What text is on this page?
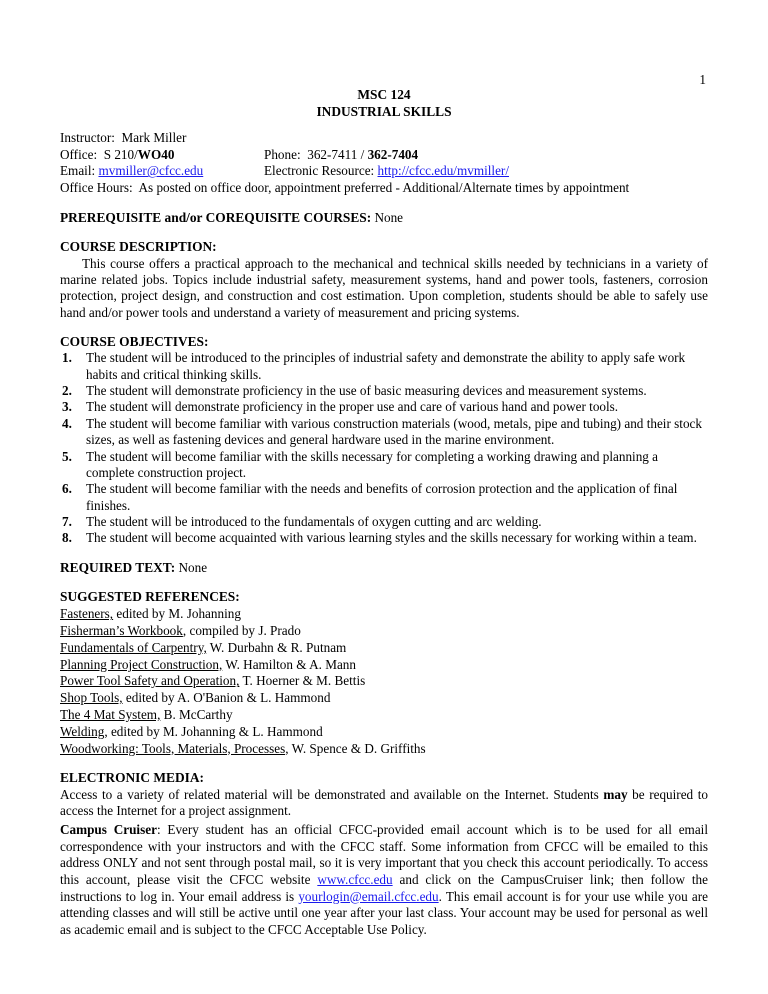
1
MSC 124
INDUSTRIAL SKILLS
Instructor: Mark Miller
Office: S 210/WO40	Phone: 362-7411 / 362-7404
Email: mvmiller@cfcc.edu	Electronic Resource: http://cfcc.edu/mvmiller/
Office Hours: As posted on office door, appointment preferred - Additional/Alternate times by appointment
PREREQUISITE and/or COREQUISITE COURSES: None
COURSE DESCRIPTION:
This course offers a practical approach to the mechanical and technical skills needed by technicians in a variety of marine related jobs. Topics include industrial safety, measurement systems, hand and power tools, fasteners, corrosion protection, project design, and construction and cost estimation. Upon completion, students should be able to safely use hand and/or power tools and understand a variety of measurement and pricing systems.
COURSE OBJECTIVES:
The student will be introduced to the principles of industrial safety and demonstrate the ability to apply safe work habits and critical thinking skills.
The student will demonstrate proficiency in the use of basic measuring devices and measurement systems.
The student will demonstrate proficiency in the proper use and care of various hand and power tools.
The student will become familiar with various construction materials (wood, metals, pipe and tubing) and their stock sizes, as well as fastening devices and general hardware used in the marine environment.
The student will become familiar with the skills necessary for completing a working drawing and planning a complete construction project.
The student will become familiar with the needs and benefits of corrosion protection and the application of final finishes.
The student will be introduced to the fundamentals of oxygen cutting and arc welding.
The student will become acquainted with various learning styles and the skills necessary for working within a team.
REQUIRED TEXT: None
SUGGESTED REFERENCES:
Fasteners, edited by M. Johanning
Fisherman’s Workbook, compiled by J. Prado
Fundamentals of Carpentry, W. Durbahn & R. Putnam
Planning Project Construction, W. Hamilton & A. Mann
Power Tool Safety and Operation, T. Hoerner & M. Bettis
Shop Tools, edited by A. O'Banion & L. Hammond
The 4 Mat System, B. McCarthy
Welding, edited by M. Johanning & L. Hammond
Woodworking: Tools, Materials, Processes, W. Spence & D. Griffiths
ELECTRONIC MEDIA:
Access to a variety of related material will be demonstrated and available on the Internet. Students may be required to access the Internet for a project assignment.
Campus Cruiser: Every student has an official CFCC-provided email account which is to be used for all email correspondence with your instructors and with the CFCC staff. Some information from CFCC will be emailed to this address ONLY and not sent through postal mail, so it is very important that you check this account periodically. To access this account, please visit the CFCC website www.cfcc.edu and click on the CampusCruiser link; then follow the instructions to log in. Your email address is yourlogin@email.cfcc.edu. This email account is for your use while you are attending classes and will still be active until one year after your last class. Your account may be used for personal as well as academic email and is subject to the CFCC Acceptable Use Policy.
